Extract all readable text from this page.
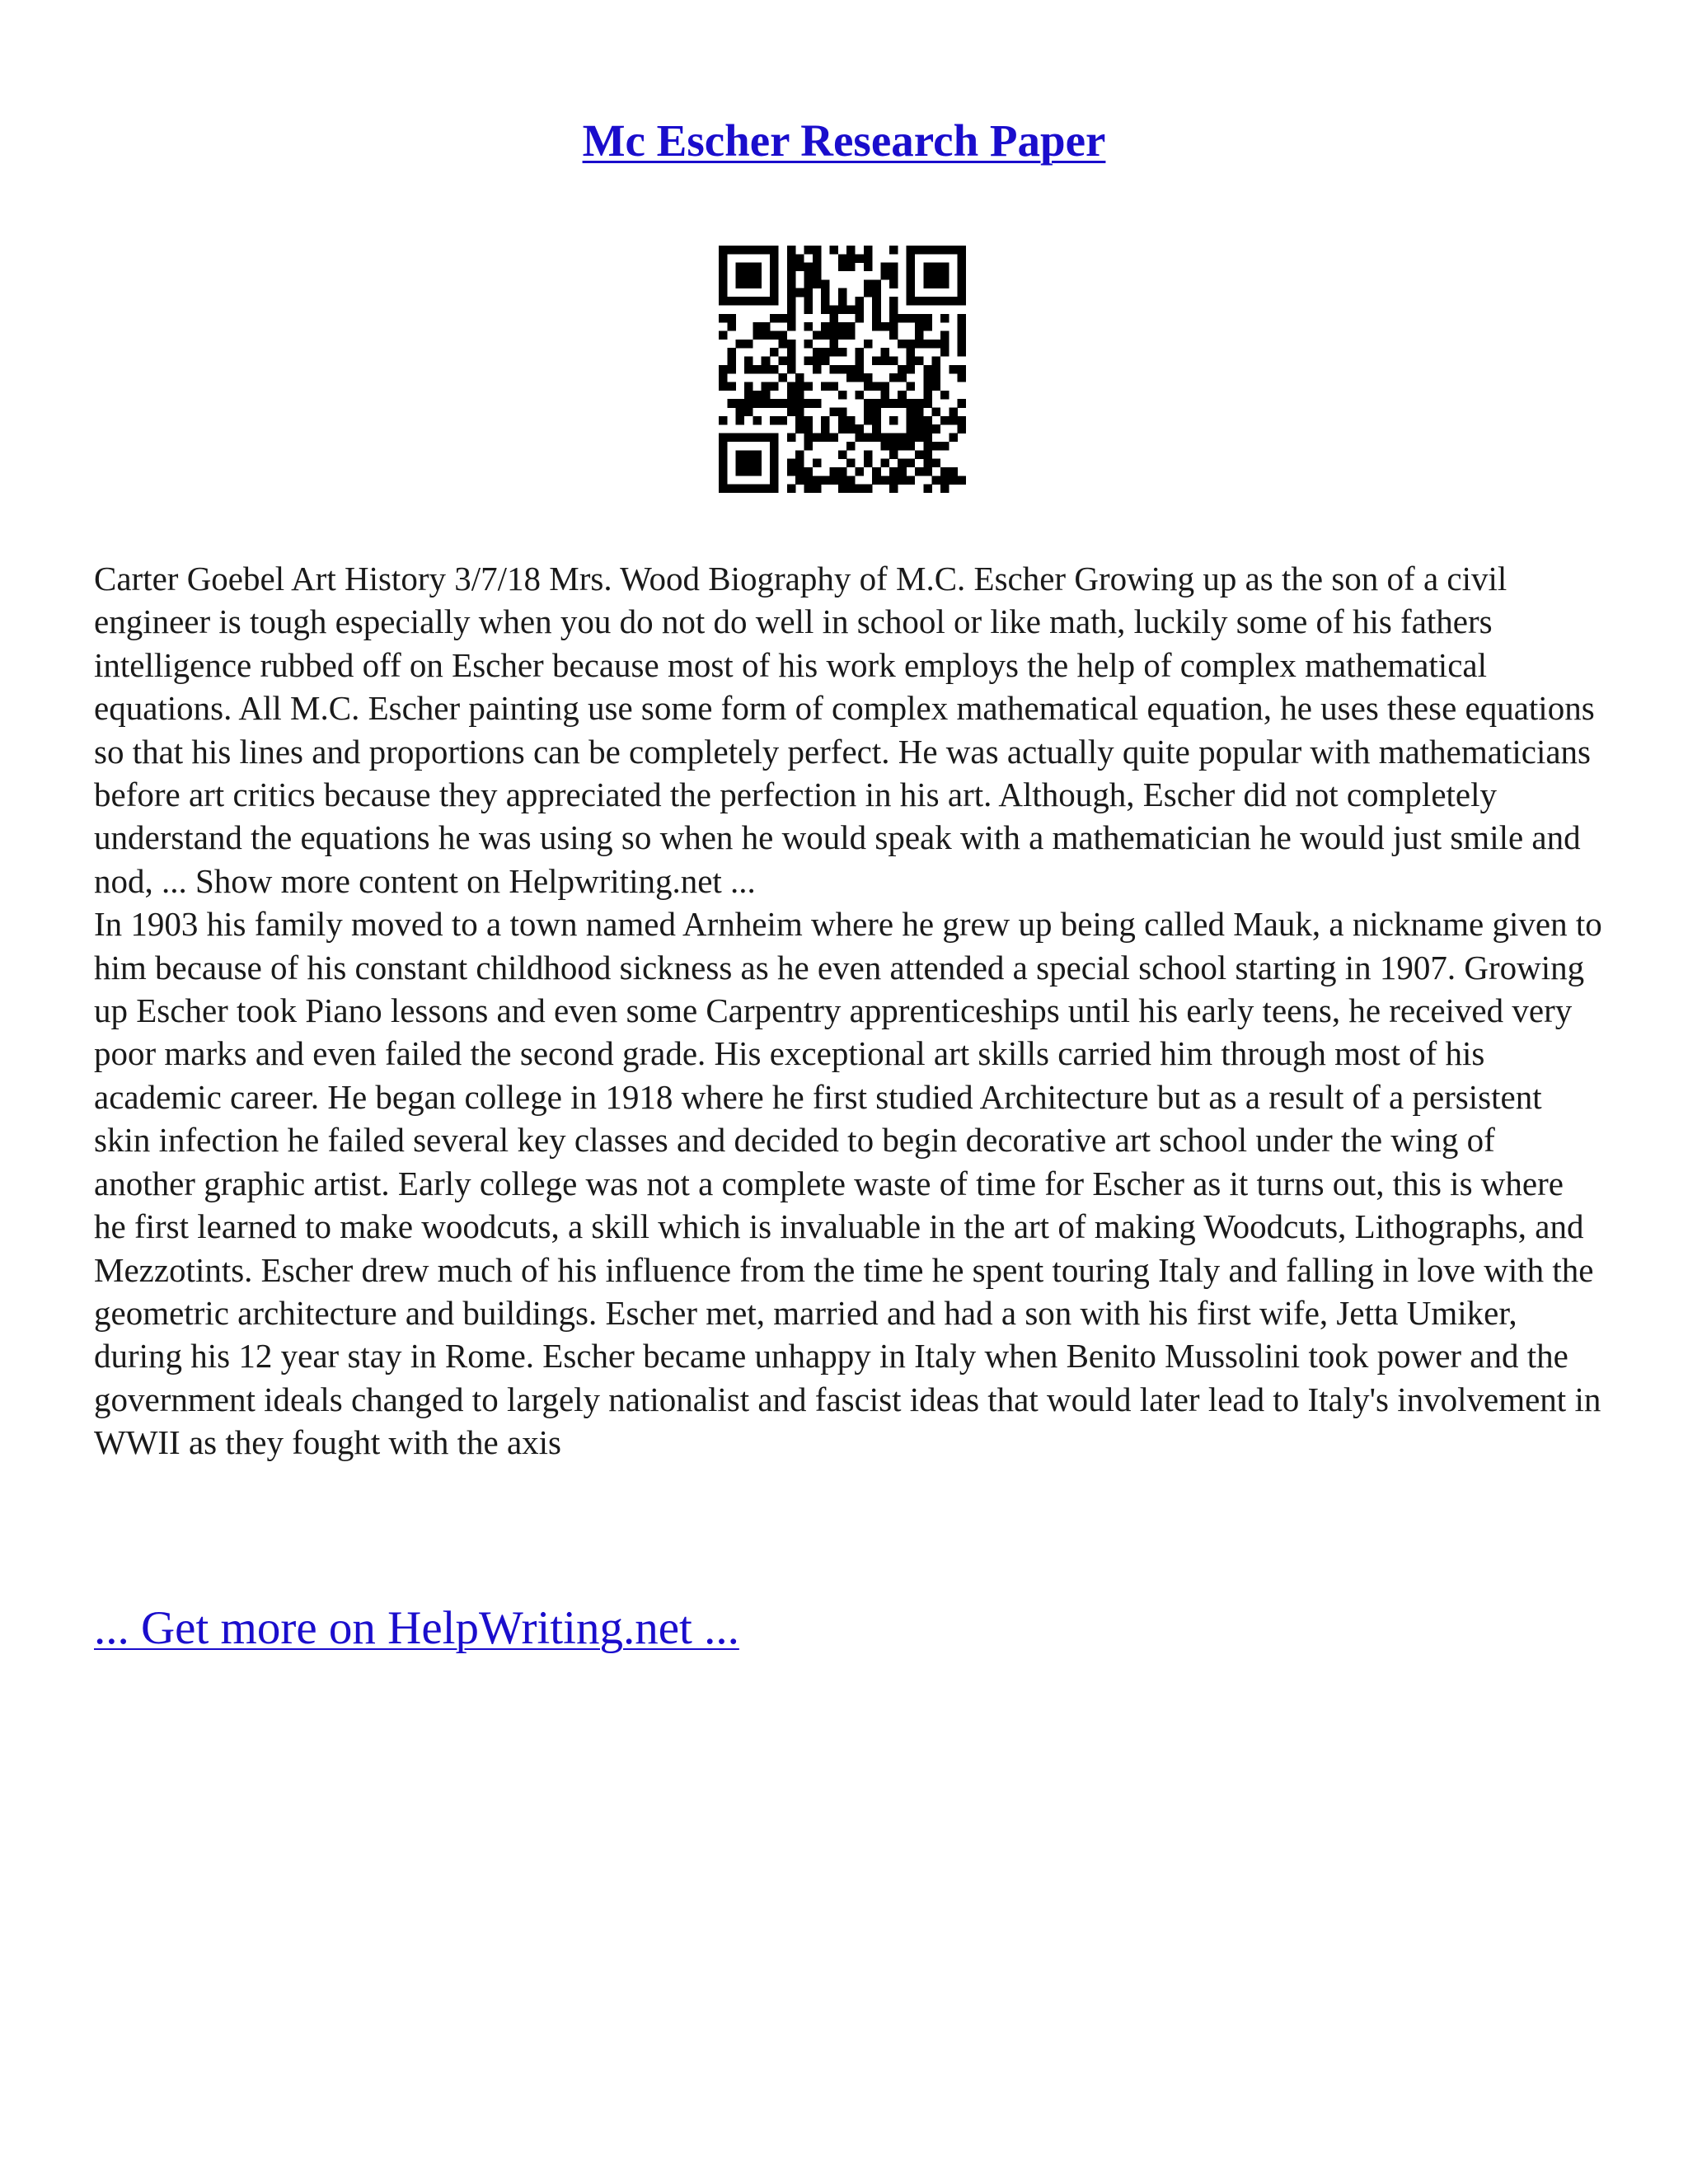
Mc Escher Research Paper

Carter Goebel Art History 3/7/18 Mrs. Wood Biography of M.C. Escher Growing up as the son of a civil engineer is tough especially when you do not do well in school or like math, luckily some of his fathers intelligence rubbed off on Escher because most of his work employs the help of complex mathematical equations. All M.C. Escher painting use some form of complex mathematical equation, he uses these equations so that his lines and proportions can be completely perfect. He was actually quite popular with mathematicians before art critics because they appreciated the perfection in his art. Although, Escher did not completely understand the equations he was using so when he would speak with a mathematician he would just smile and nod, ... Show more content on Helpwriting.net ...

In 1903 his family moved to a town named Arnheim where he grew up being called Mauk, a nickname given to him because of his constant childhood sickness as he even attended a special school starting in 1907. Growing up Escher took Piano lessons and even some Carpentry apprenticeships until his early teens, he received very poor marks and even failed the second grade. His exceptional art skills carried him through most of his academic career. He began college in 1918 where he first studied Architecture but as a result of a persistent skin infection he failed several key classes and decided to begin decorative art school under the wing of another graphic artist. Early college was not a complete waste of time for Escher as it turns out, this is where he first learned to make woodcuts, a skill which is invaluable in the art of making Woodcuts, Lithographs, and Mezzotints. Escher drew much of his influence from the time he spent touring Italy and falling in love with the geometric architecture and buildings. Escher met, married and had a son with his first wife, Jetta Umiker, during his 12 year stay in Rome. Escher became unhappy in Italy when Benito Mussolini took power and the government ideals changed to largely nationalist and fascist ideas that would later lead to Italy's involvement in WWII as they fought with the axis

... Get more on HelpWriting.net ...
